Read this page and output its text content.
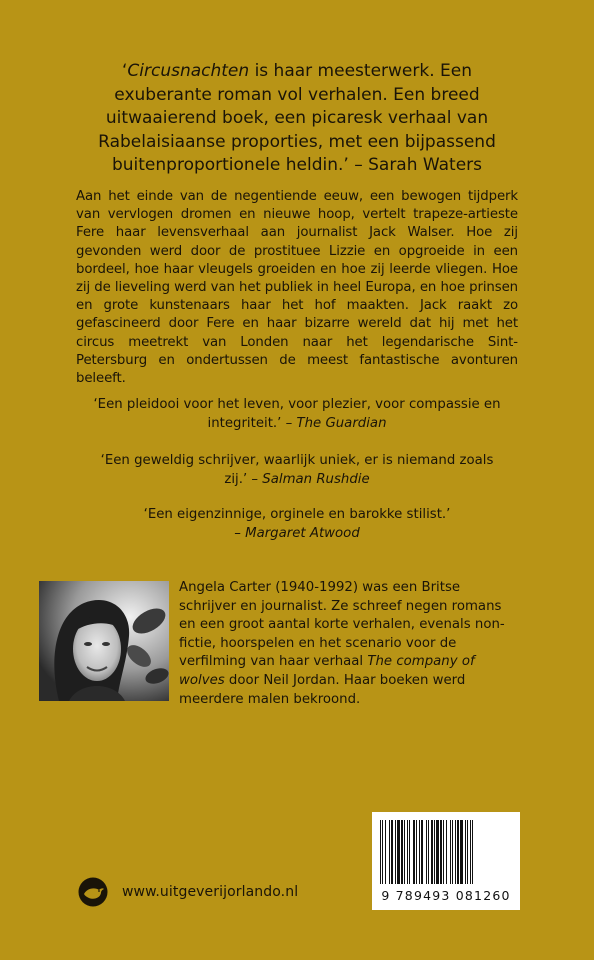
‘Circusnachten is haar meesterwerk. Een exuberante roman vol verhalen. Een breed uitwaaierend boek, een picaresk verhaal van Rabelaisiaanse proporties, met een bijpassend buitenproportionele heldin.’ – Sarah Waters
Aan het einde van de negentiende eeuw, een bewogen tijdperk van vervlogen dromen en nieuwe hoop, vertelt trapeze-artieste Fere haar levensverhaal aan journalist Jack Walser. Hoe zij gevonden werd door de prostituee Lizzie en opgroeide in een bordeel, hoe haar vleugels groeiden en hoe zij leerde vliegen. Hoe zij de lieveling werd van het publiek in heel Europa, en hoe prinsen en grote kunstenaars haar het hof maakten. Jack raakt zo gefascineerd door Fere en haar bizarre wereld dat hij met het circus meetrekt van Londen naar het legendarische Sint-Petersburg en ondertussen de meest fantastische avonturen beleeft.
‘Een pleidooi voor het leven, voor plezier, voor compassie en integriteit.’ – The Guardian
‘Een geweldig schrijver, waarlijk uniek, er is niemand zoals zij.’ – Salman Rushdie
‘Een eigenzinnige, orginele en barokke stilist.’
– Margaret Atwood
Angela Carter (1940-1992) was een Britse schrijver en journalist. Ze schreef negen romans en een groot aantal korte verhalen, evenals non-fictie, hoorspelen en het scenario voor de verfilming van haar verhaal The company of wolves door Neil Jordan. Haar boeken werd meerdere malen bekroond.
www.uitgeverijorlando.nl	9 789493 081260
